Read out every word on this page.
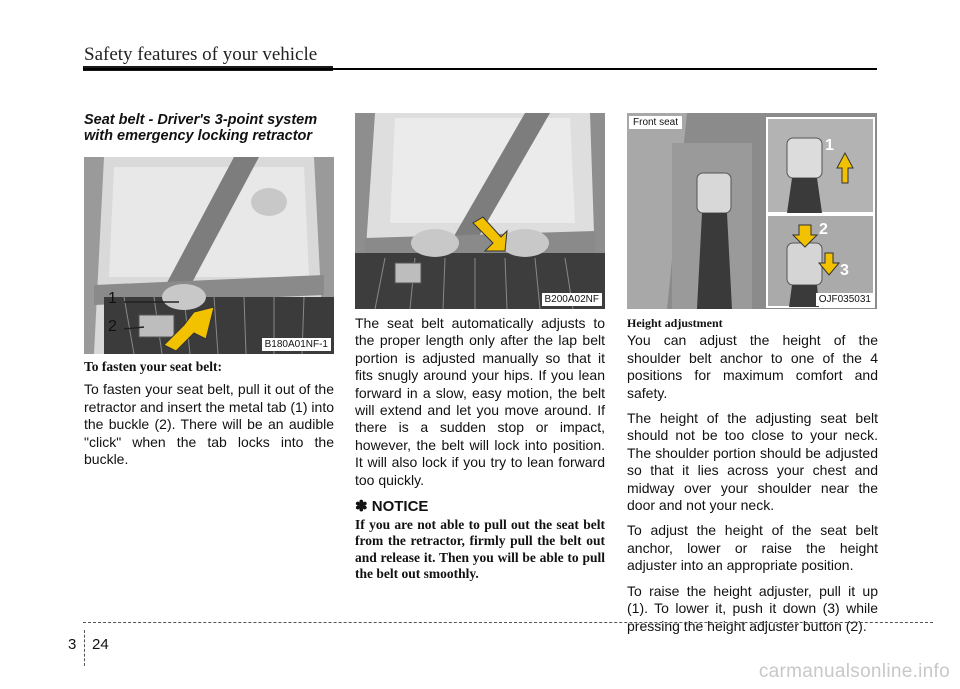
Safety features of your vehicle
Seat belt - Driver's 3-point system with emergency locking retractor
1
2
B180A01NF-1
B200A02NF
1
2
3
Front seat
OJF035031
To fasten your seat belt:

To fasten your seat belt, pull it out of the retractor and insert the metal tab (1) into the buckle (2). There will be an audible "click" when the tab locks into the buckle.

The seat belt automatically adjusts to the proper length only after the lap belt portion is adjusted manually so that it fits snugly around your hips. If you lean forward in a slow, easy motion, the belt will extend and let you move around. If there is a sudden stop or impact, however, the belt will lock into position. It will also lock if you try to lean forward too quickly.

✽ NOTICE
If you are not able to pull out the seat belt from the retractor, firmly pull the belt out and release it. Then you will be able to pull the belt out smoothly.
Height adjustment

You can adjust the height of the shoulder belt anchor to one of the 4 positions for maximum comfort and safety.

The height of the adjusting seat belt should not be too close to your neck. The shoulder portion should be adjusted so that it lies across your chest and midway over your shoulder near the door and not your neck.

To adjust the height of the seat belt anchor, lower or raise the height adjuster into an appropriate position.

To raise the height adjuster, pull it up (1). To lower it, push it down (3) while pressing the height adjuster button (2).

3 24
carmanualsonline.info
